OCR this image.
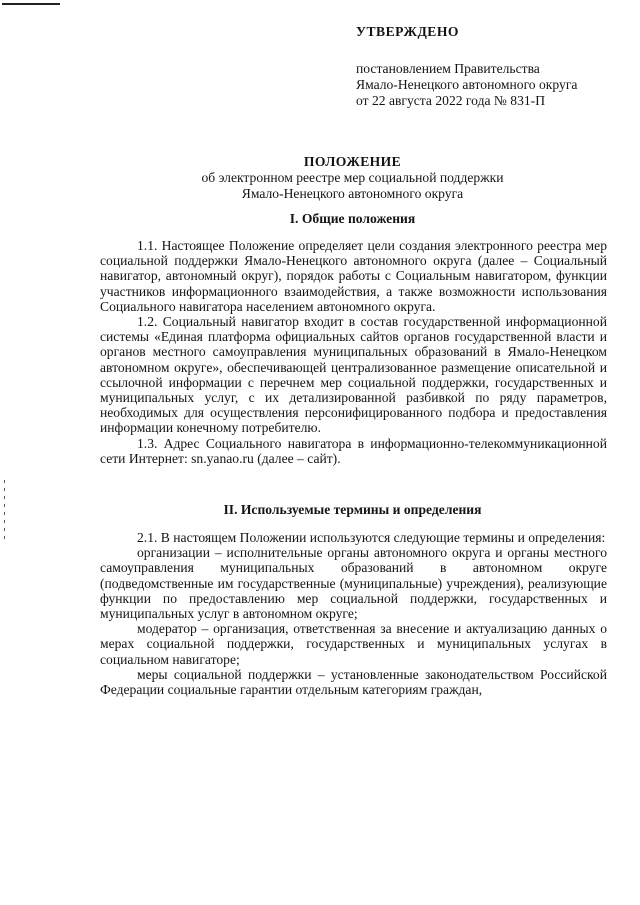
УТВЕРЖДЕНО
постановлением Правительства
Ямало-Ненецкого автономного округа
от 22 августа 2022 года № 831-П
ПОЛОЖЕНИЕ
об электронном реестре мер социальной поддержки
Ямало-Ненецкого автономного округа
I. Общие положения

1.1. Настоящее Положение определяет цели создания электронного реестра мер социальной поддержки Ямало-Ненецкого автономного округа (далее – Социальный навигатор, автономный округ), порядок работы с Социальным навигатором, функции участников информационного взаимодействия, а также возможности использования Социального навигатора населением автономного округа.

1.2. Социальный навигатор входит в состав государственной информационной системы «Единая платформа официальных сайтов органов государственной власти и органов местного самоуправления муниципальных образований в Ямало-Ненецком автономном округе», обеспечивающей централизованное размещение описательной и ссылочной информации с перечнем мер социальной поддержки, государственных и муниципальных услуг, с их детализированной разбивкой по ряду параметров, необходимых для осуществления персонифицированного подбора и предоставления информации конечному потребителю.

1.3. Адрес Социального навигатора в информационно-телекоммуникационной сети Интернет: sn.yanao.ru (далее – сайт).

II. Используемые термины и определения

2.1. В настоящем Положении используются следующие термины и определения:

организации – исполнительные органы автономного округа и органы местного самоуправления муниципальных образований в автономном округе (подведомственные им государственные (муниципальные) учреждения), реализующие функции по предоставлению мер социальной поддержки, государственных и муниципальных услуг в автономном округе;

модератор – организация, ответственная за внесение и актуализацию данных о мерах социальной поддержки, государственных и муниципальных услугах в социальном навигаторе;

меры социальной поддержки – установленные законодательством Российской Федерации социальные гарантии отдельным категориям граждан,
